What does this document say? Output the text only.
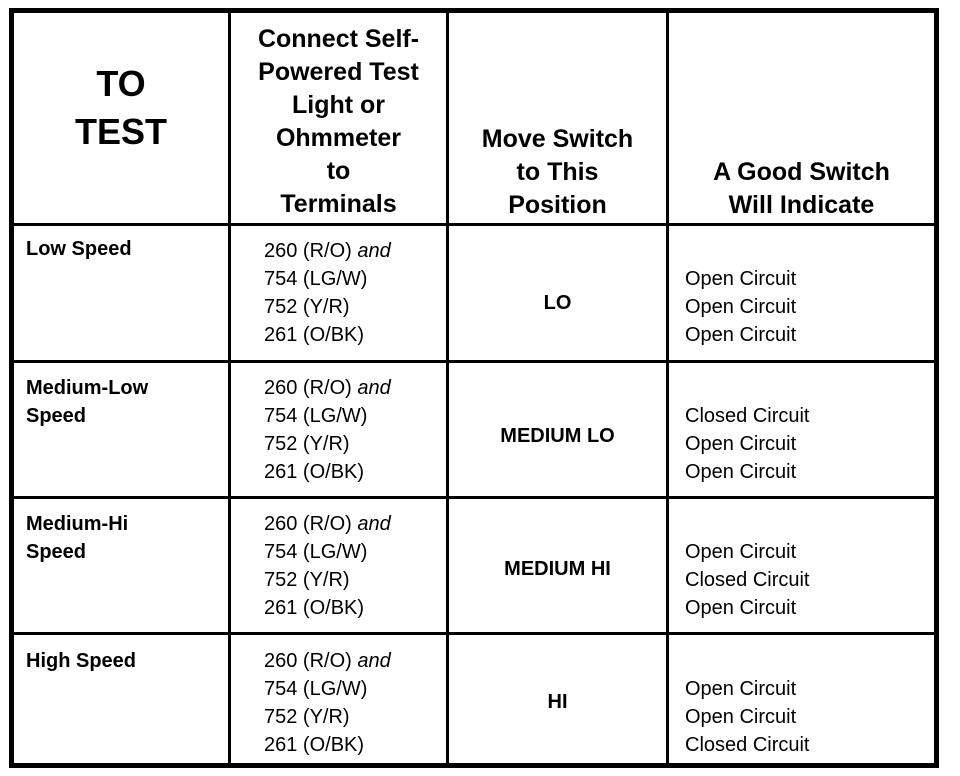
TO
TEST
Connect Self-
Powered Test
Light or
Ohmmeter
to
Terminals
Move Switch
to This
Position
A Good Switch
Will Indicate
Low Speed	260 (R/O) and
754 (LG/W)
752 (Y/R)
261 (O/BK)
LO
Open Circuit
Open Circuit
Open Circuit
Medium-Low
Speed
260 (R/O) and
754 (LG/W)
752 (Y/R)
261 (O/BK)
MEDIUM LO
Closed Circuit
Open Circuit
Open Circuit
Medium-Hi
Speed
260 (R/O) and
754 (LG/W)
752 (Y/R)
261 (O/BK)
MEDIUM HI
Open Circuit
Closed Circuit
Open Circuit
High Speed	260 (R/O) and
754 (LG/W)
752 (Y/R)
261 (O/BK)
HI
Open Circuit
Open Circuit
Closed Circuit
